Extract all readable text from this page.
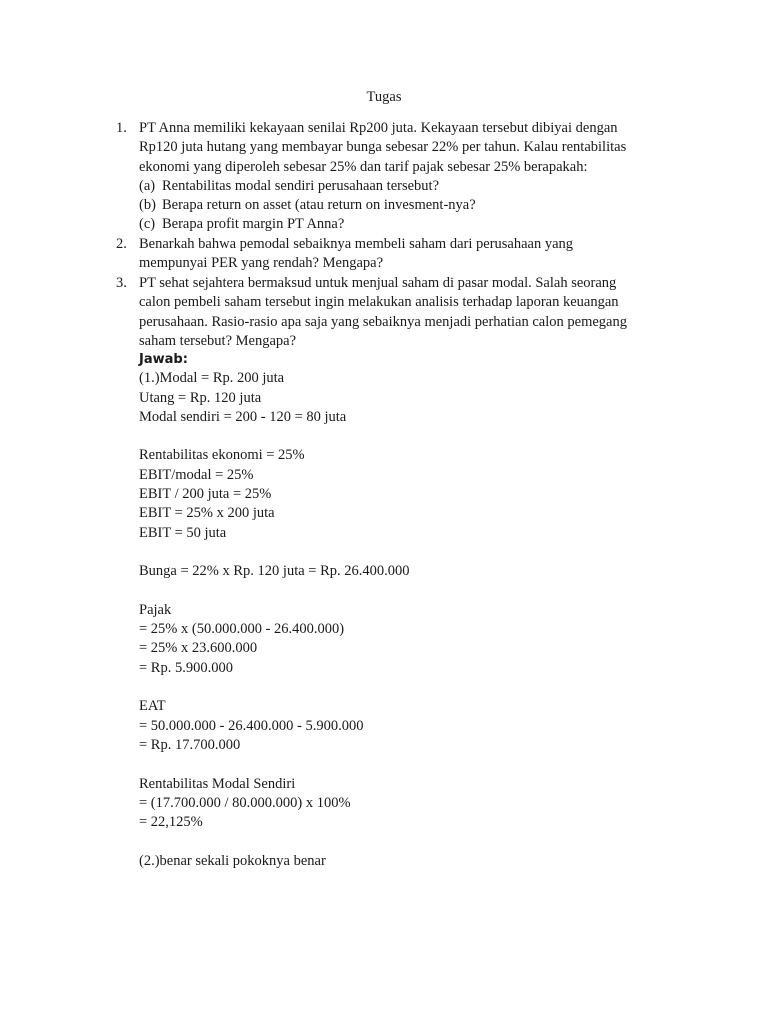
Tugas
1. PT Anna memiliki kekayaan senilai Rp200 juta. Kekayaan tersebut dibiyai dengan
Rp120 juta hutang yang membayar bunga sebesar 22% per tahun. Kalau rentabilitas
ekonomi yang diperoleh sebesar 25% dan tarif pajak sebesar 25% berapakah:
(a) Rentabilitas modal sendiri perusahaan tersebut?
(b) Berapa return on asset (atau return on invesment-nya?
(c) Berapa profit margin PT Anna?
2. Benarkah bahwa pemodal sebaiknya membeli saham dari perusahaan yang
mempunyai PER yang rendah? Mengapa?
3. PT sehat sejahtera bermaksud untuk menjual saham di pasar modal. Salah seorang
calon pembeli saham tersebut ingin melakukan analisis terhadap laporan keuangan
perusahaan. Rasio-rasio apa saja yang sebaiknya menjadi perhatian calon pemegang
saham tersebut? Mengapa?
Jawab:
(1.)Modal = Rp. 200 juta
Utang = Rp. 120 juta
Modal sendiri = 200 - 120 = 80 juta
Rentabilitas ekonomi = 25%
EBIT/modal = 25%
EBIT / 200 juta = 25%
EBIT = 25% x 200 juta
EBIT = 50 juta
Bunga = 22% x Rp. 120 juta = Rp. 26.400.000
Pajak
= 25% x (50.000.000 - 26.400.000)
= 25% x 23.600.000
= Rp. 5.900.000
EAT
= 50.000.000 - 26.400.000 - 5.900.000
= Rp. 17.700.000
Rentabilitas Modal Sendiri
= (17.700.000 / 80.000.000) x 100%
= 22,125%
(2.)benar sekali pokoknya benar
